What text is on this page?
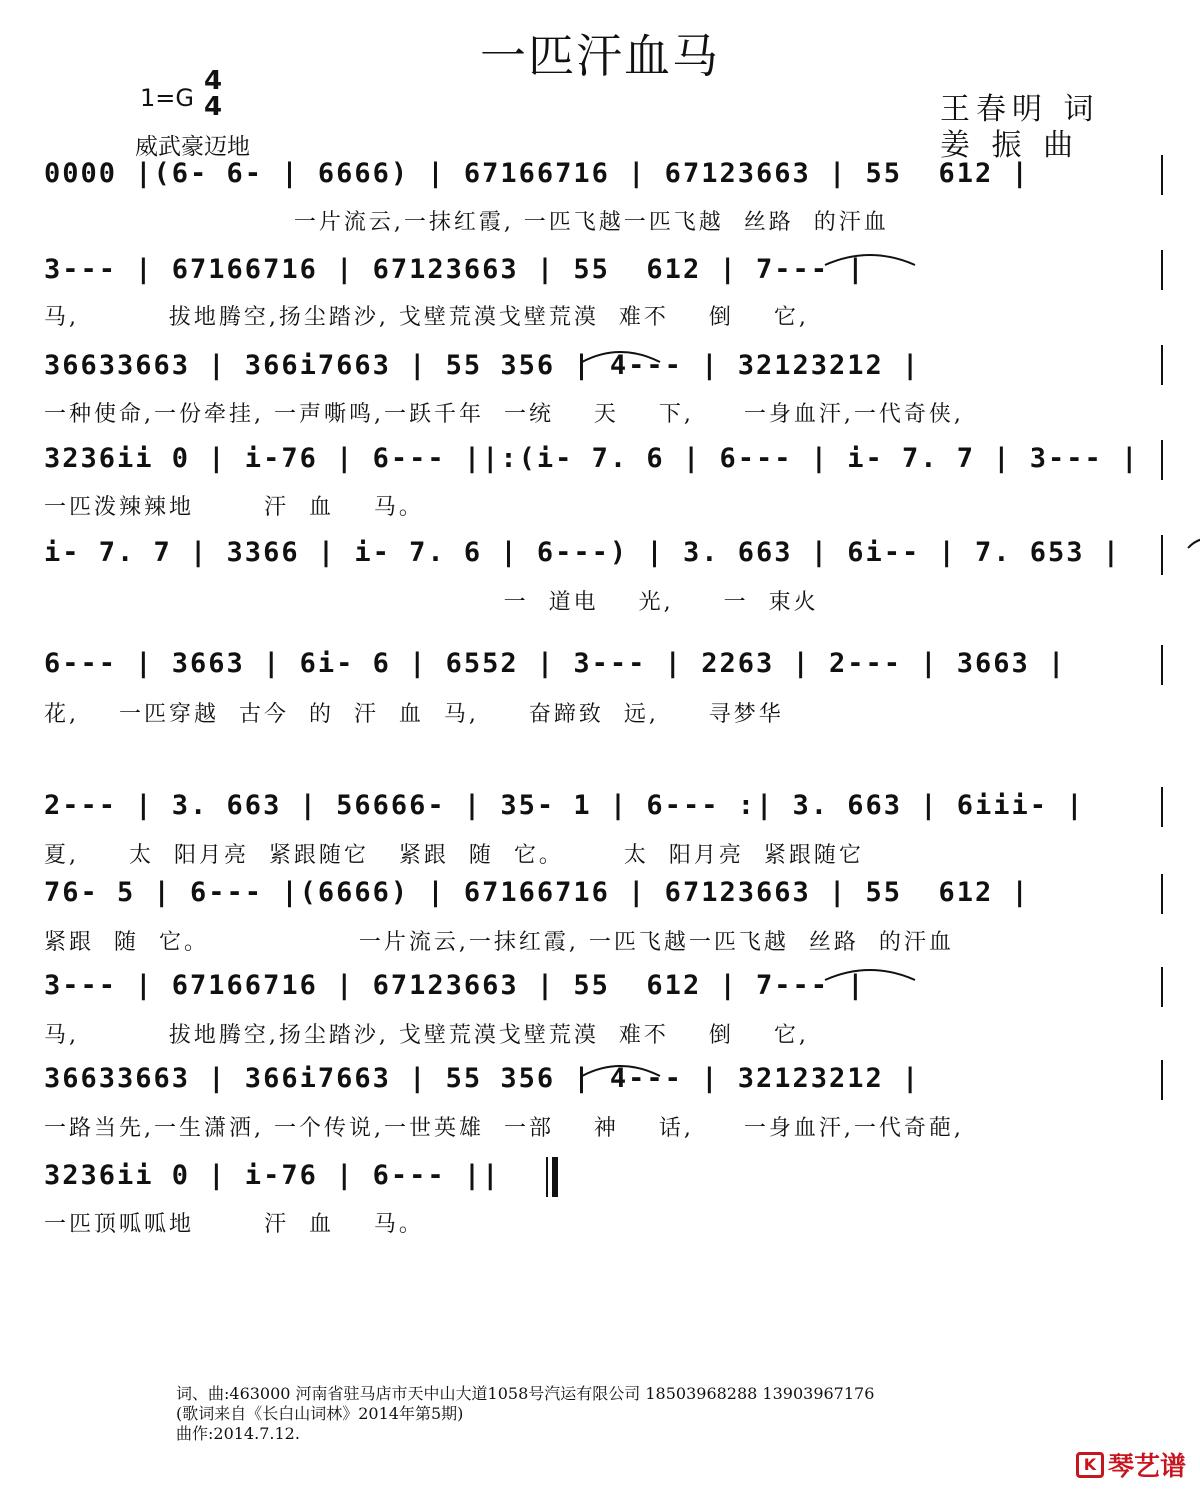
一匹汗血马
1=G
4
4
威武豪迈地
王春明 词
姜 振 曲
0000 |(6- 6- | 6666) | 67166716 | 67123663 | 55  612 |
一片流云,一抹红霞, 一匹飞越一匹飞越  丝路  的汗血
3--- | 67166716 | 67123663 | 55  612 | 7--- |
马,         拔地腾空,扬尘踏沙, 戈壁荒漠戈壁荒漠  难不    倒    它,
36633663 | 366i7663 | 55 356 | 4--- | 32123212 |
一种使命,一份牵挂, 一声嘶鸣,一跃千年  一统    天    下,     一身血汗,一代奇侠,
3236ii 0 | i-76 | 6--- ||:(i- 7. 6 | 6--- | i- 7. 7 | 3--- |
一匹泼辣辣地       汗  血    马。
i- 7. 7 | 3366 | i- 7. 6 | 6---) | 3. 663 | 6i-- | 7. 653 |
一  道电    光,     一  束火
6--- | 3663 | 6i- 6 | 6552 | 3--- | 2263 | 2--- | 3663 |
花,    一匹穿越  古今  的  汗  血  马,     奋蹄致  远,     寻梦华
2--- | 3. 663 | 56666- | 35- 1 | 6--- :| 3. 663 | 6iii- |
夏,     太  阳月亮  紧跟随它   紧跟  随  它。      太  阳月亮  紧跟随它
76- 5 | 6--- |(6666) | 67166716 | 67123663 | 55  612 |
紧跟  随  它。               一片流云,一抹红霞, 一匹飞越一匹飞越  丝路  的汗血
3--- | 67166716 | 67123663 | 55  612 | 7--- |
马,         拔地腾空,扬尘踏沙, 戈壁荒漠戈壁荒漠  难不    倒    它,
36633663 | 366i7663 | 55 356 | 4--- | 32123212 |
一路当先,一生潇洒, 一个传说,一世英雄  一部    神    话,     一身血汗,一代奇葩,
3236ii 0 | i-76 | 6--- ||
一匹顶呱呱地       汗  血    马。
词、曲:463000 河南省驻马店市天中山大道1058号汽运有限公司 18503968288 13903967176
(歌词来自《长白山词林》2014年第5期)
曲作:2014.7.12.
K 琴艺谱
